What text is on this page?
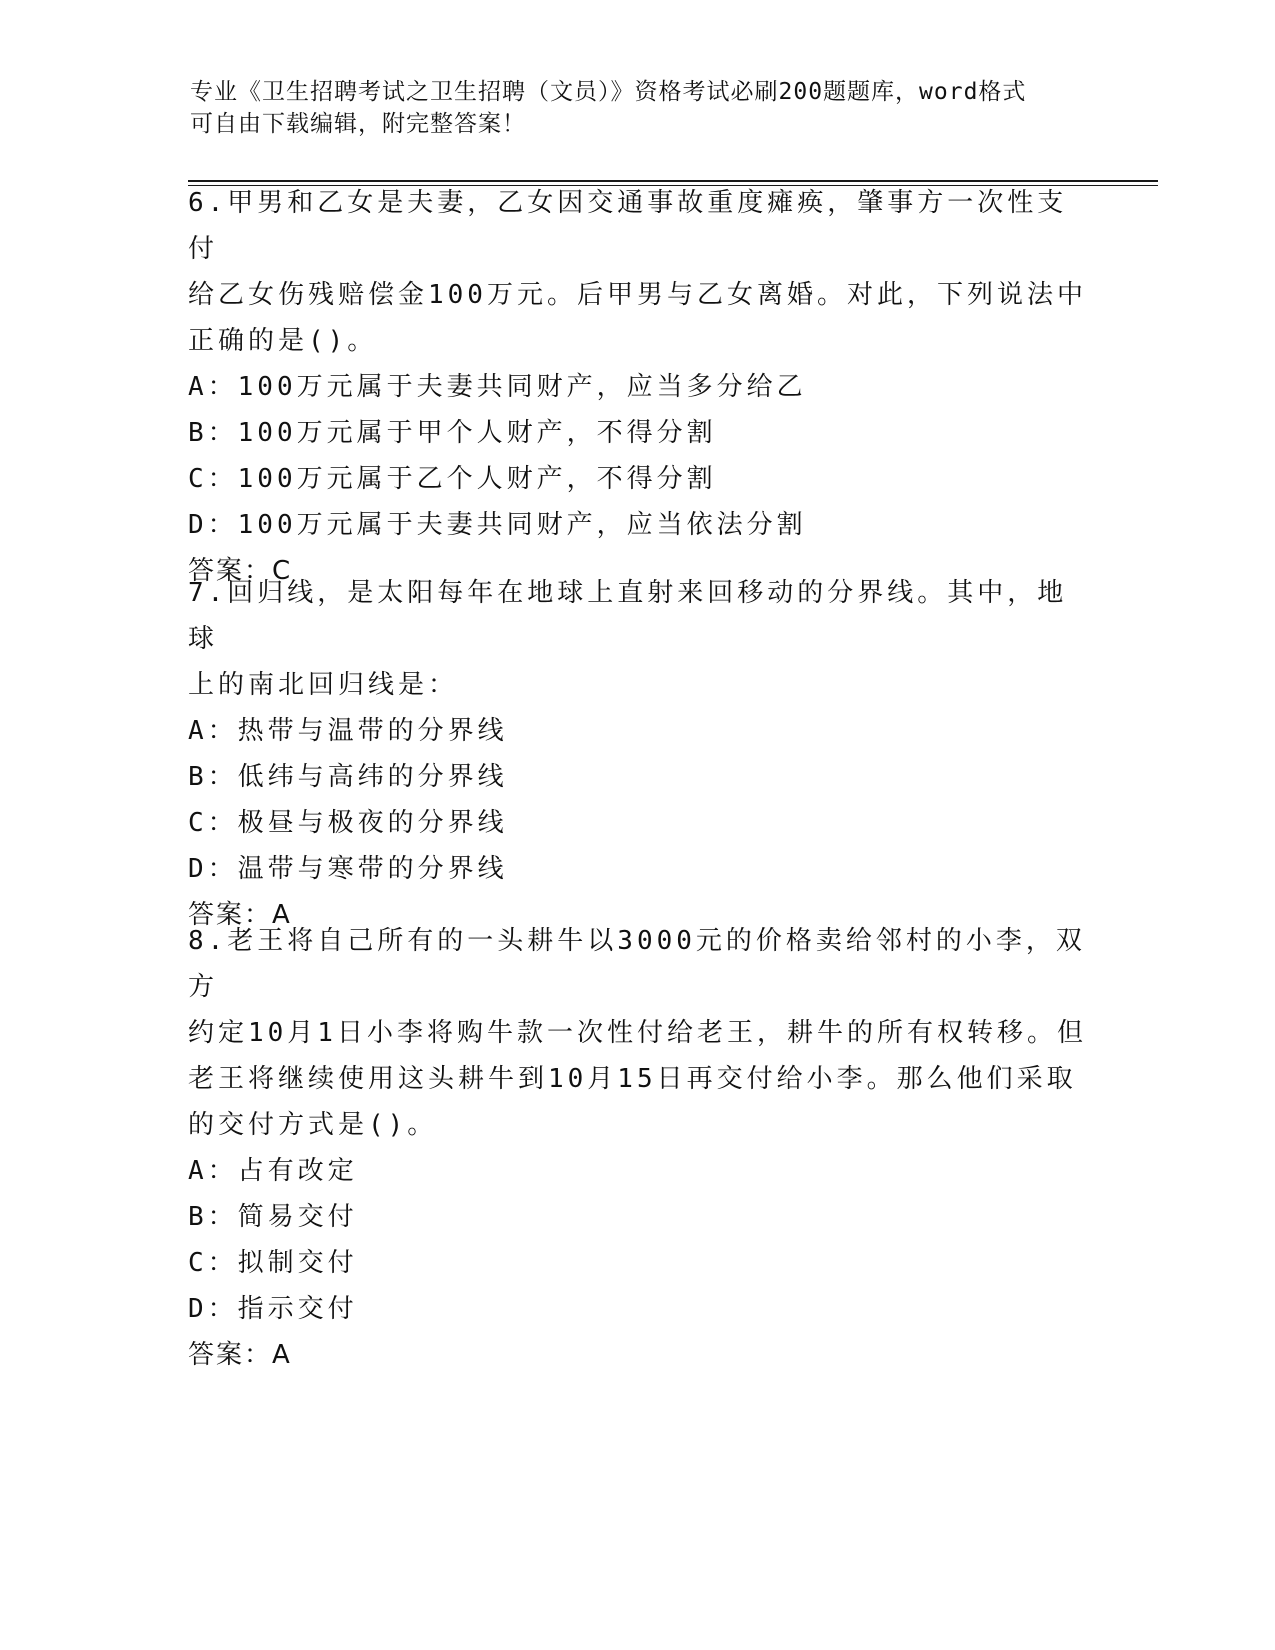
专业《卫生招聘考试之卫生招聘（文员）》资格考试必刷200题题库，word格式
可自由下载编辑，附完整答案！

6.甲男和乙女是夫妻，乙女因交通事故重度瘫痪，肇事方一次性支付

给乙女伤残赔偿金100万元。后甲男与乙女离婚。对此，下列说法中

正确的是()。

A：100万元属于夫妻共同财产，应当多分给乙

B：100万元属于甲个人财产，不得分割

C：100万元属于乙个人财产，不得分割

D：100万元属于夫妻共同财产，应当依法分割

答案：C

7.回归线，是太阳每年在地球上直射来回移动的分界线。其中，地球

上的南北回归线是：

A：热带与温带的分界线

B：低纬与高纬的分界线

C：极昼与极夜的分界线

D：温带与寒带的分界线

答案：A

8.老王将自己所有的一头耕牛以3000元的价格卖给邻村的小李，双方

约定10月1日小李将购牛款一次性付给老王，耕牛的所有权转移。但

老王将继续使用这头耕牛到10月15日再交付给小李。那么他们采取

的交付方式是()。

A：占有改定

B：简易交付

C：拟制交付

D：指示交付

答案：A
